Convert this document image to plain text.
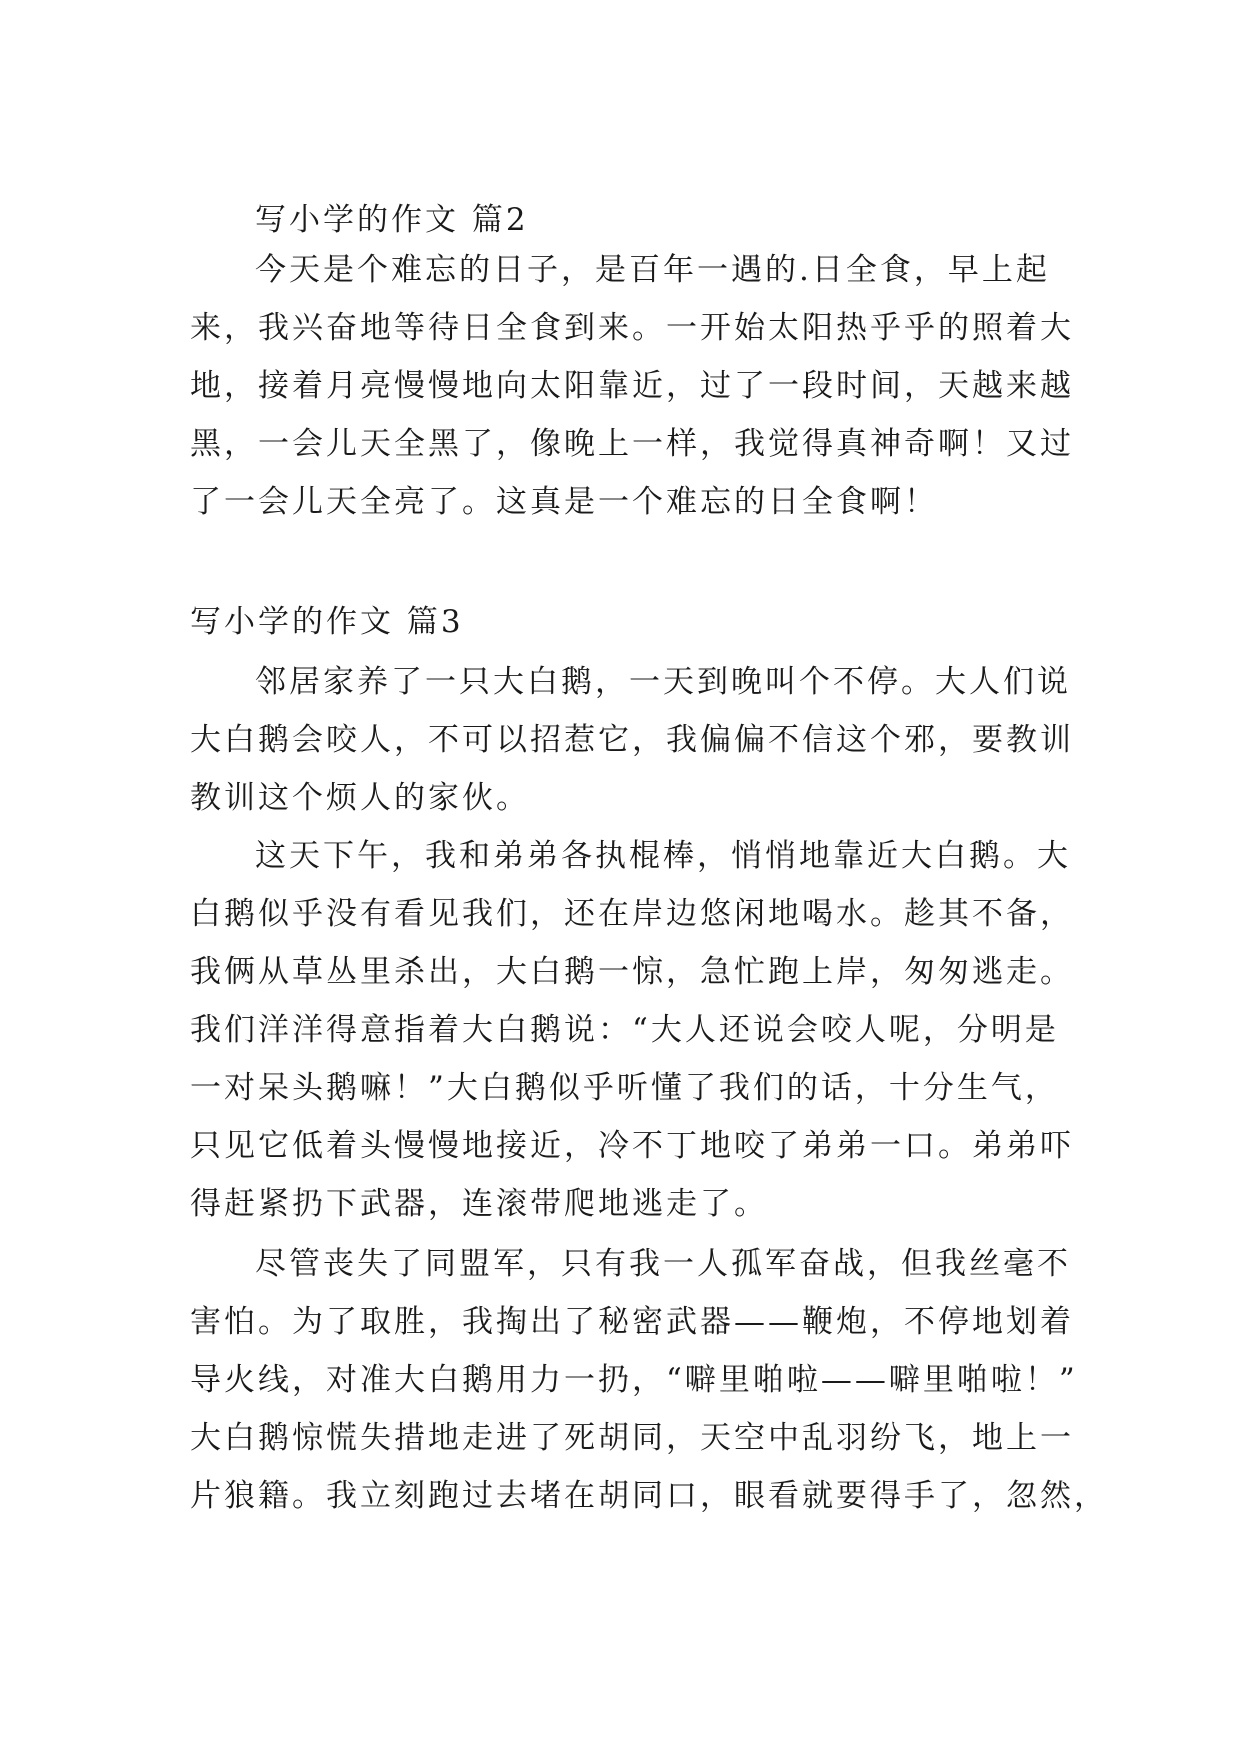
写小学的作文 篇2
今天是个难忘的日子，是百年一遇的.日全食，早上起
来，我兴奋地等待日全食到来。一开始太阳热乎乎的照着大
地，接着月亮慢慢地向太阳靠近，过了一段时间，天越来越
黑，一会儿天全黑了，像晚上一样，我觉得真神奇啊！又过
了一会儿天全亮了。这真是一个难忘的日全食啊！
写小学的作文 篇3
邻居家养了一只大白鹅，一天到晚叫个不停。大人们说
大白鹅会咬人，不可以招惹它，我偏偏不信这个邪，要教训
教训这个烦人的家伙。
这天下午，我和弟弟各执棍棒，悄悄地靠近大白鹅。大
白鹅似乎没有看见我们，还在岸边悠闲地喝水。趁其不备，
我俩从草丛里杀出，大白鹅一惊，急忙跑上岸，匆匆逃走。
我们洋洋得意指着大白鹅说：“大人还说会咬人呢，分明是
一对呆头鹅嘛！”大白鹅似乎听懂了我们的话，十分生气，
只见它低着头慢慢地接近，冷不丁地咬了弟弟一口。弟弟吓
得赶紧扔下武器，连滚带爬地逃走了。
尽管丧失了同盟军，只有我一人孤军奋战，但我丝毫不
害怕。为了取胜，我掏出了秘密武器——鞭炮，不停地划着
导火线，对准大白鹅用力一扔，“噼里啪啦——噼里啪啦！”
大白鹅惊慌失措地走进了死胡同，天空中乱羽纷飞，地上一
片狼籍。我立刻跑过去堵在胡同口，眼看就要得手了，忽然，
